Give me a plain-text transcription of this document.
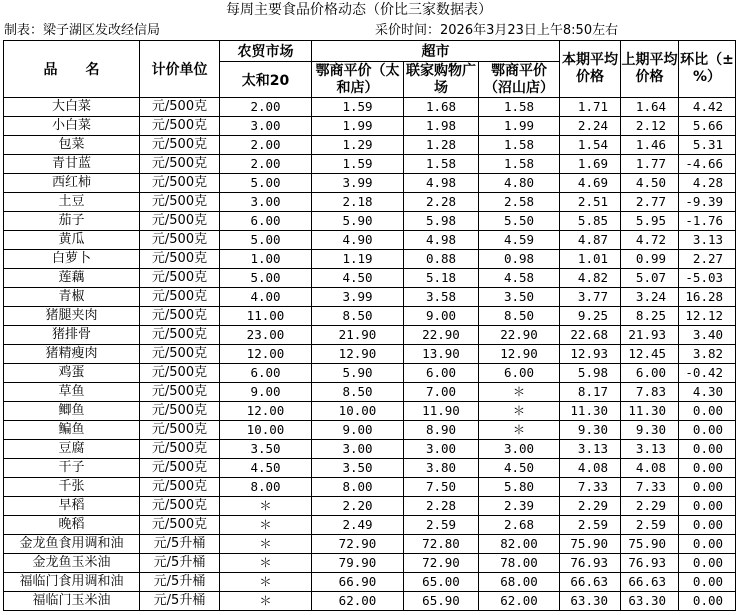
每周主要食品价格动态（价比三家数据表）
制表：梁子湖区发改经信局	采价时间：2026年3月23日上午8:50左右
品　　名	计价单位	农贸市场	超市			本期平均价格	上期平均价格	环比（±%）
		太和20	鄂商平价（太和店）	联家购物广场	鄂商平价（沼山店）			
大白菜	元/500克	2.00	1.59	1.68	1.58	1.71	1.64	4.42
小白菜	元/500克	3.00	1.99	1.98	1.99	2.24	2.12	5.66
包菜	元/500克	2.00	1.29	1.28	1.58	1.54	1.46	5.31
青甘蓝	元/500克	2.00	1.59	1.58	1.58	1.69	1.77	-4.66
西红柿	元/500克	5.00	3.99	4.98	4.80	4.69	4.50	4.28
土豆	元/500克	3.00	2.18	2.28	2.58	2.51	2.77	-9.39
茄子	元/500克	6.00	5.90	5.98	5.50	5.85	5.95	-1.76
黄瓜	元/500克	5.00	4.90	4.98	4.59	4.87	4.72	3.13
白萝卜	元/500克	1.00	1.19	0.88	0.98	1.01	0.99	2.27
莲藕	元/500克	5.00	4.50	5.18	4.58	4.82	5.07	-5.03
青椒	元/500克	4.00	3.99	3.58	3.50	3.77	3.24	16.28
猪腿夹肉	元/500克	11.00	8.50	9.00	8.50	9.25	8.25	12.12
猪排骨	元/500克	23.00	21.90	22.90	22.90	22.68	21.93	3.40
猪精瘦肉	元/500克	12.00	12.90	13.90	12.90	12.93	12.45	3.82
鸡蛋	元/500克	6.00	5.90	6.00	6.00	5.98	6.00	-0.42
草鱼	元/500克	9.00	8.50	7.00	＊	8.17	7.83	4.30
鲫鱼	元/500克	12.00	10.00	11.90	＊	11.30	11.30	0.00
鳊鱼	元/500克	10.00	9.00	8.90	＊	9.30	9.30	0.00
豆腐	元/500克	3.50	3.00	3.00	3.00	3.13	3.13	0.00
干子	元/500克	4.50	3.50	3.80	4.50	4.08	4.08	0.00
千张	元/500克	8.00	8.00	7.50	5.80	7.33	7.33	0.00
早稻	元/500克	＊	2.20	2.28	2.39	2.29	2.29	0.00
晚稻	元/500克	＊	2.49	2.59	2.68	2.59	2.59	0.00
金龙鱼食用调和油	元/5升桶	＊	72.90	72.80	82.00	75.90	75.90	0.00
金龙鱼玉米油	元/5升桶	＊	79.90	72.90	78.00	76.93	76.93	0.00
福临门食用调和油	元/5升桶	＊	66.90	65.00	68.00	66.63	66.63	0.00
福临门玉米油	元/5升桶	＊	62.00	65.90	62.00	63.30	63.30	0.00
